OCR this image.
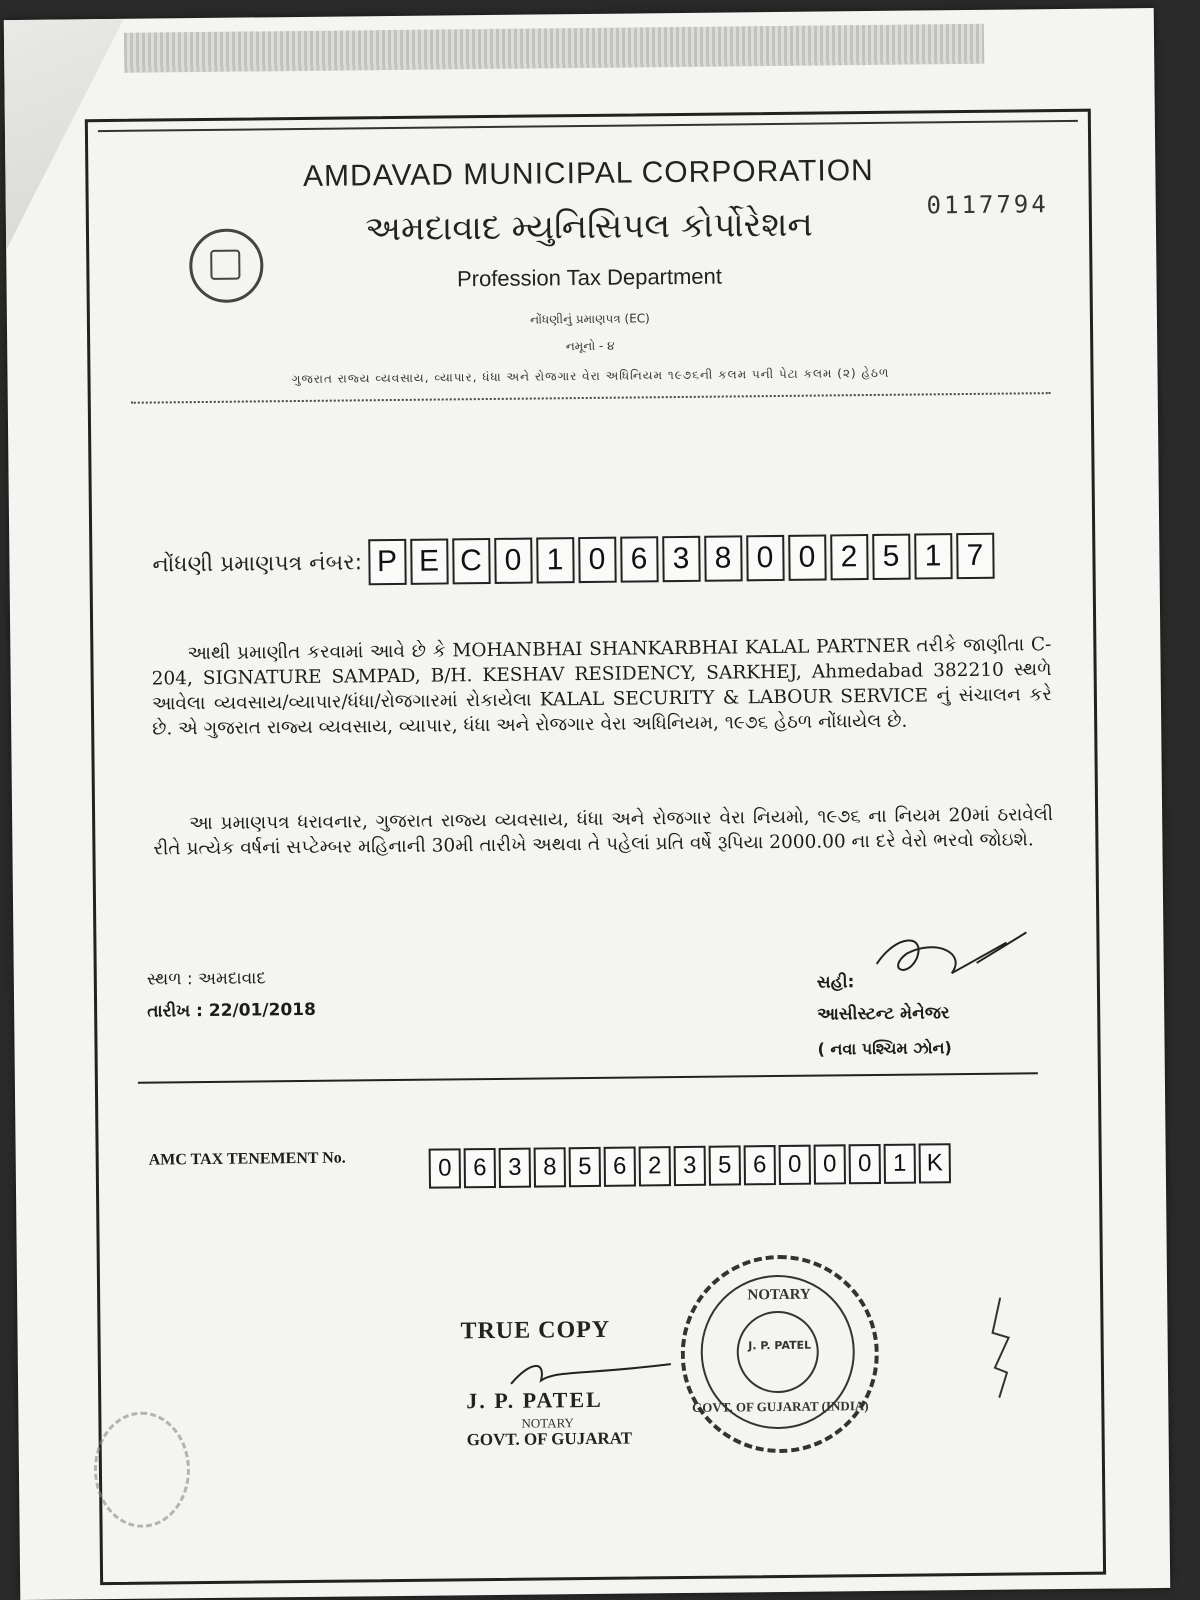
AMDAVAD MUNICIPAL CORPORATION
અમદાવાદ મ્યુનિસિપલ કોર્પોરેશન	0117794
Profession Tax Department
નોંધણીનું પ્રમાણપત્ર (EC)
નમૂનો - ૪
ગુજરાત રાજ્ય વ્યવસાય, વ્યાપાર, ધંધા અને રોજગાર વેરા અધિનિયમ ૧૯૭૬ની કલમ પની પેટા કલમ (૨) હેઠળ
નોંધણી પ્રમાણપત્ર નંબર: P E C 0 1 0 6 3 8 0 0 2 5 1 7
આથી પ્રમાણીત કરવામાં આવે છે કે MOHANBHAI SHANKARBHAI KALAL PARTNER તરીકે જાણીતા C-204, SIGNATURE SAMPAD, B/H. KESHAV RESIDENCY, SARKHEJ, Ahmedabad 382210 સ્થળે આવેલા વ્યવસાય/વ્યાપાર/ધંધા/રોજગારમાં રોકાયેલા KALAL SECURITY & LABOUR SERVICE નું સંચાલન કરે છે. એ ગુજરાત રાજ્ય વ્યવસાય, વ્યાપાર, ધંધા અને રોજગાર વેરા અધિનિયમ, ૧૯૭૬ હેઠળ નોંધાયેલ છે.
આ પ્રમાણપત્ર ધરાવનાર, ગુજરાત રાજ્ય વ્યવસાય, ધંધા અને રોજગાર વેરા નિયમો, ૧૯૭૬ ના નિયમ 20માં ઠરાવેલી રીતે પ્રત્યેક વર્ષનાં સપ્ટેમ્બર મહિનાની 30મી તારીખે અથવા તે પહેલાં પ્રતિ વર્ષે રૂપિયા 2000.00 ના દરે વેરો ભરવો જોઇશે.
સ્થળ : અમદાવાદ
તારીખ : 22/01/2018
સહી:
આસીસ્ટન્ટ મેનેજર
( નવા પશ્ચિમ ઝોન)
AMC TAX TENEMENT No.	0 6 3 8 5 6 2 3 5 6 0 0 0 1 K
TRUE COPY
J. P. PATEL
NOTARY
GOVT. OF GUJARAT
NOTARY
J. P. PATEL
GOVT. OF GUJARAT (INDIA)
